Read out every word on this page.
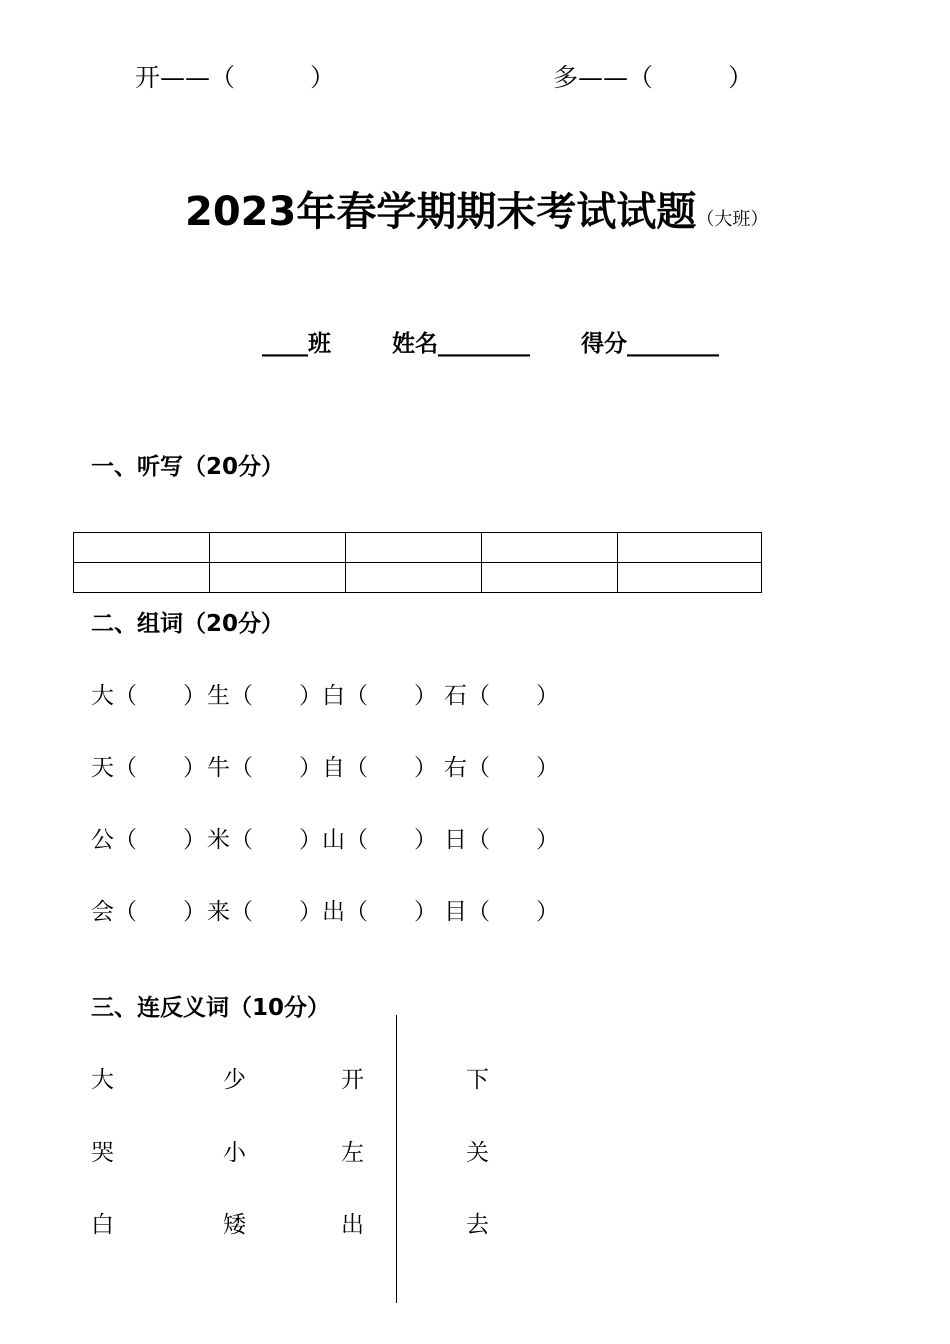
开——（　　　）	多——（　　　）
2023年春学期期末考试试题（大班）
____班	姓名________ 得分________
一、听写（20分）

二、组词（20分）
大（　　） 生（　　） 白（　　） 石（　　）
天（　　） 牛（　　） 自（　　） 右（　　）
公（　　） 米（　　） 山（　　） 日（　　）
会（　　） 来（　　） 出（　　） 目（　　）
三、连反义词（10分）
大	少	开	下
哭	小	左	关
白	矮	出	去
